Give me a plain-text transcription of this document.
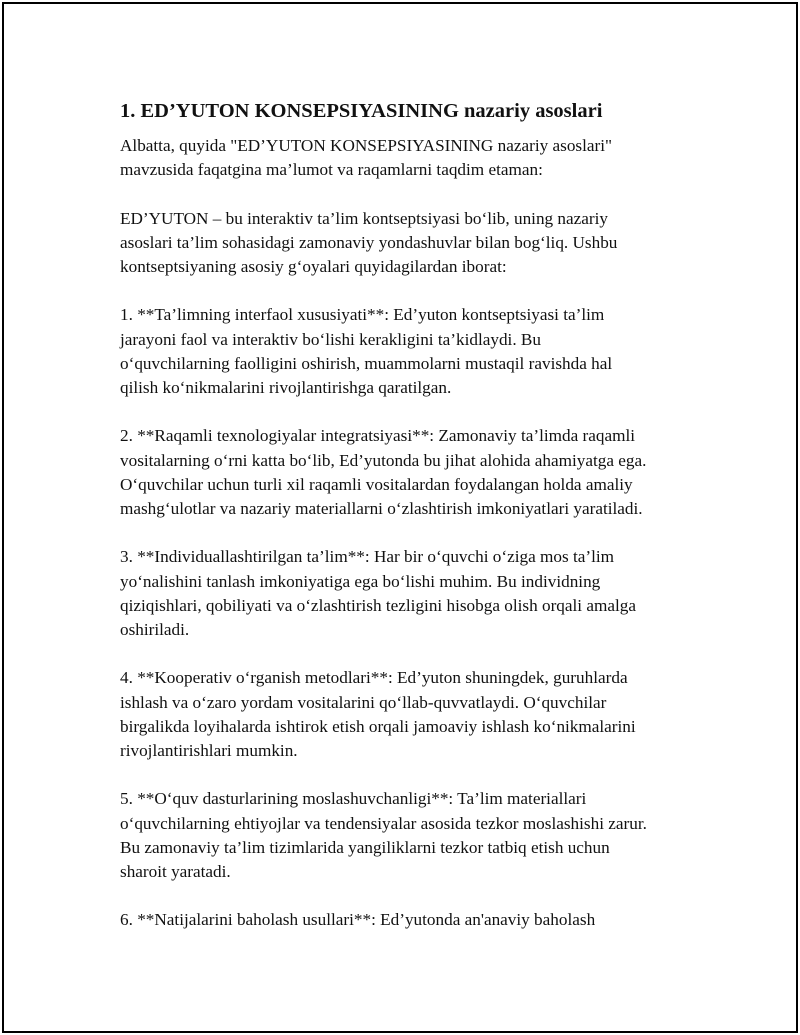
1. ED’YUTON KONSEPSIYASINING nazariy asoslari

Albatta, quyida "ED’YUTON KONSEPSIYASINING nazariy asoslari"
mavzusida faqatgina ma’lumot va raqamlarni taqdim etaman:

ED’YUTON – bu interaktiv ta’lim kontseptsiyasi bo‘lib, uning nazariy
asoslari ta’lim sohasidagi zamonaviy yondashuvlar bilan bog‘liq. Ushbu
kontseptsiyaning asosiy g‘oyalari quyidagilardan iborat:

1. **Ta’limning interfaol xususiyati**: Ed’yuton kontseptsiyasi ta’lim
jarayoni faol va interaktiv bo‘lishi kerakligini ta’kidlaydi. Bu
o‘quvchilarning faolligini oshirish, muammolarni mustaqil ravishda hal
qilish ko‘nikmalarini rivojlantirishga qaratilgan.

2. **Raqamli texnologiyalar integratsiyasi**: Zamonaviy ta’limda raqamli
vositalarning o‘rni katta bo‘lib, Ed’yutonda bu jihat alohida ahamiyatga ega.
O‘quvchilar uchun turli xil raqamli vositalardan foydalangan holda amaliy
mashg‘ulotlar va nazariy materiallarni o‘zlashtirish imkoniyatlari yaratiladi.

3. **Individuallashtirilgan ta’lim**: Har bir o‘quvchi o‘ziga mos ta’lim
yo‘nalishini tanlash imkoniyatiga ega bo‘lishi muhim. Bu individning
qiziqishlari, qobiliyati va o‘zlashtirish tezligini hisobga olish orqali amalga
oshiriladi.

4. **Kooperativ o‘rganish metodlari**: Ed’yuton shuningdek, guruhlarda
ishlash va o‘zaro yordam vositalarini qo‘llab-quvvatlaydi. O‘quvchilar
birgalikda loyihalarda ishtirok etish orqali jamoaviy ishlash ko‘nikmalarini
rivojlantirishlari mumkin.

5. **O‘quv dasturlarining moslashuvchanligi**: Ta’lim materiallari
o‘quvchilarning ehtiyojlar va tendensiyalar asosida tezkor moslashishi zarur.
Bu zamonaviy ta’lim tizimlarida yangiliklarni tezkor tatbiq etish uchun
sharoit yaratadi.

6. **Natijalarini baholash usullari**: Ed’yutonda an'anaviy baholash
